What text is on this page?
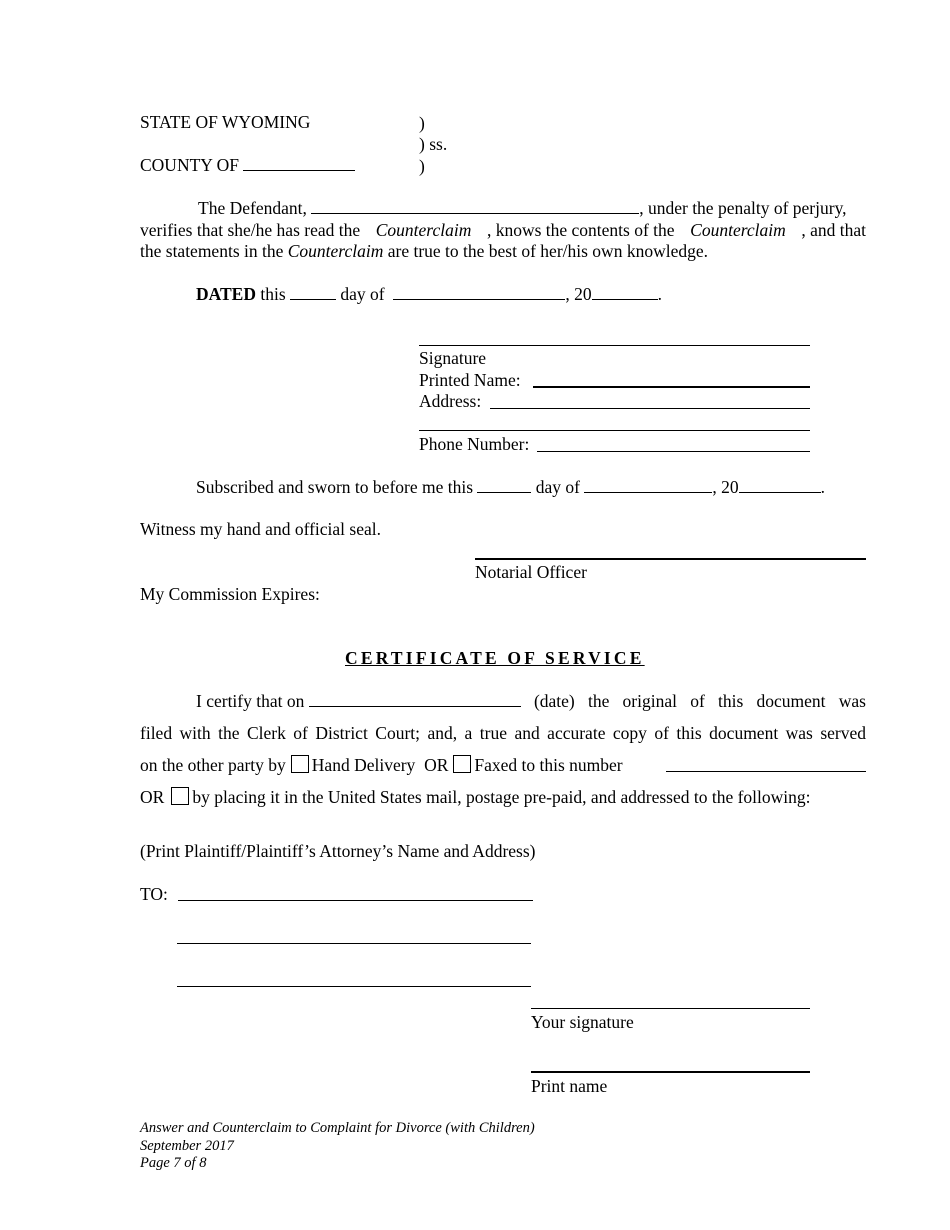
STATE OF WYOMING
COUNTY OF
)
) ss.
)
The Defendant,	, under the penalty of perjury,
verifies that she/he has read the Counterclaim , knows the contents of the Counterclaim , and that
the statements in the Counterclaim are true to the best of her/his own knowledge.
DATED this	day of	, 20	.
Signature
Printed Name:
Address:
Phone Number:
Subscribed and sworn to before me this	day of	, 20	.
Witness my hand and official seal.
Notarial Officer
My Commission Expires:
CERTIFICATE OF SERVICE
I certify that on	(date) the original of this document was
filed with the Clerk of District Court; and, a true and accurate copy of this document was served
on the other party by Hand Delivery OR Faxed to this number
OR by placing it in the United States mail, postage pre-paid, and addressed to the following:
(Print Plaintiff/Plaintiff’s Attorney’s Name and Address)
TO:
Your signature
Print name
Answer and Counterclaim to Complaint for Divorce (with Children)
September 2017
Page 7 of 8
